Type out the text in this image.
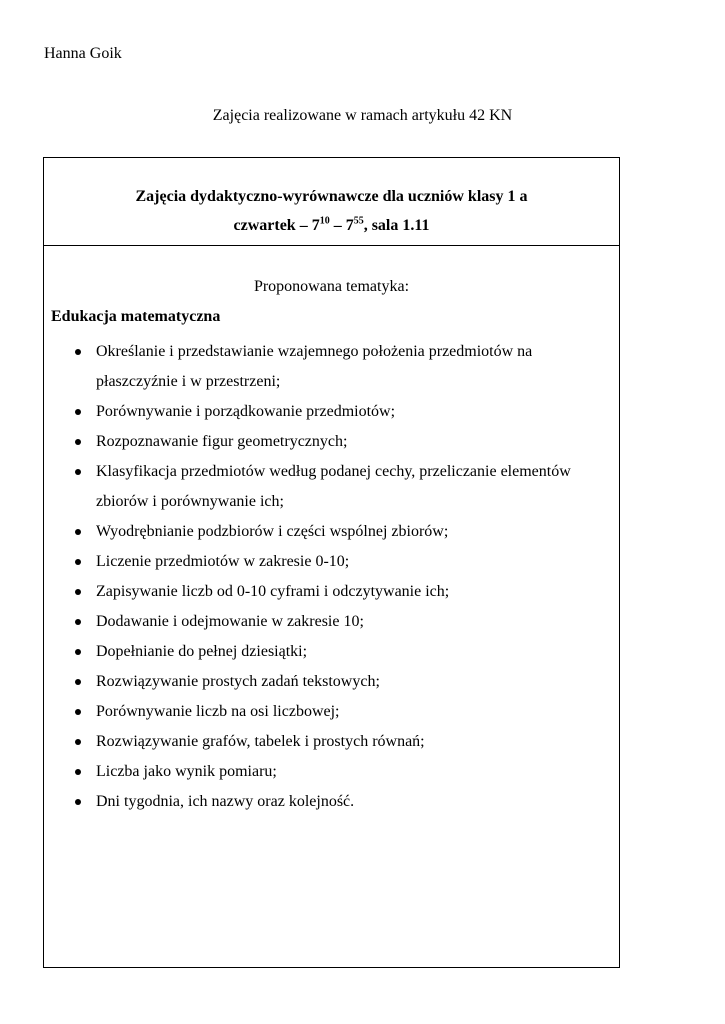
Hanna Goik
Zajęcia realizowane w ramach artykułu 42 KN
Zajęcia dydaktyczno-wyrównawcze dla uczniów klasy 1 a
czwartek – $7^{10} - 7^{55}$, sala 1.11
Proponowana tematyka:
Edukacja matematyczna
Określanie i przedstawianie wzajemnego położenia przedmiotów na płaszczyźnie i w przestrzeni;
Porównywanie i porządkowanie przedmiotów;
Rozpoznawanie figur geometrycznych;
Klasyfikacja przedmiotów według podanej cechy, przeliczanie elementów zbiorów i porównywanie ich;
Wyodrębnianie podzbiorów i części wspólnej zbiorów;
Liczenie przedmiotów w zakresie 0-10;
Zapisywanie liczb od 0-10 cyframi i odczytywanie ich;
Dodawanie i odejmowanie w zakresie 10;
Dopełnianie do pełnej dziesiątki;
Rozwiązywanie prostych zadań tekstowych;
Porównywanie liczb na osi liczbowej;
Rozwiązywanie grafów, tabelek i prostych równań;
Liczba jako wynik pomiaru;
Dni tygodnia, ich nazwy oraz kolejność.
